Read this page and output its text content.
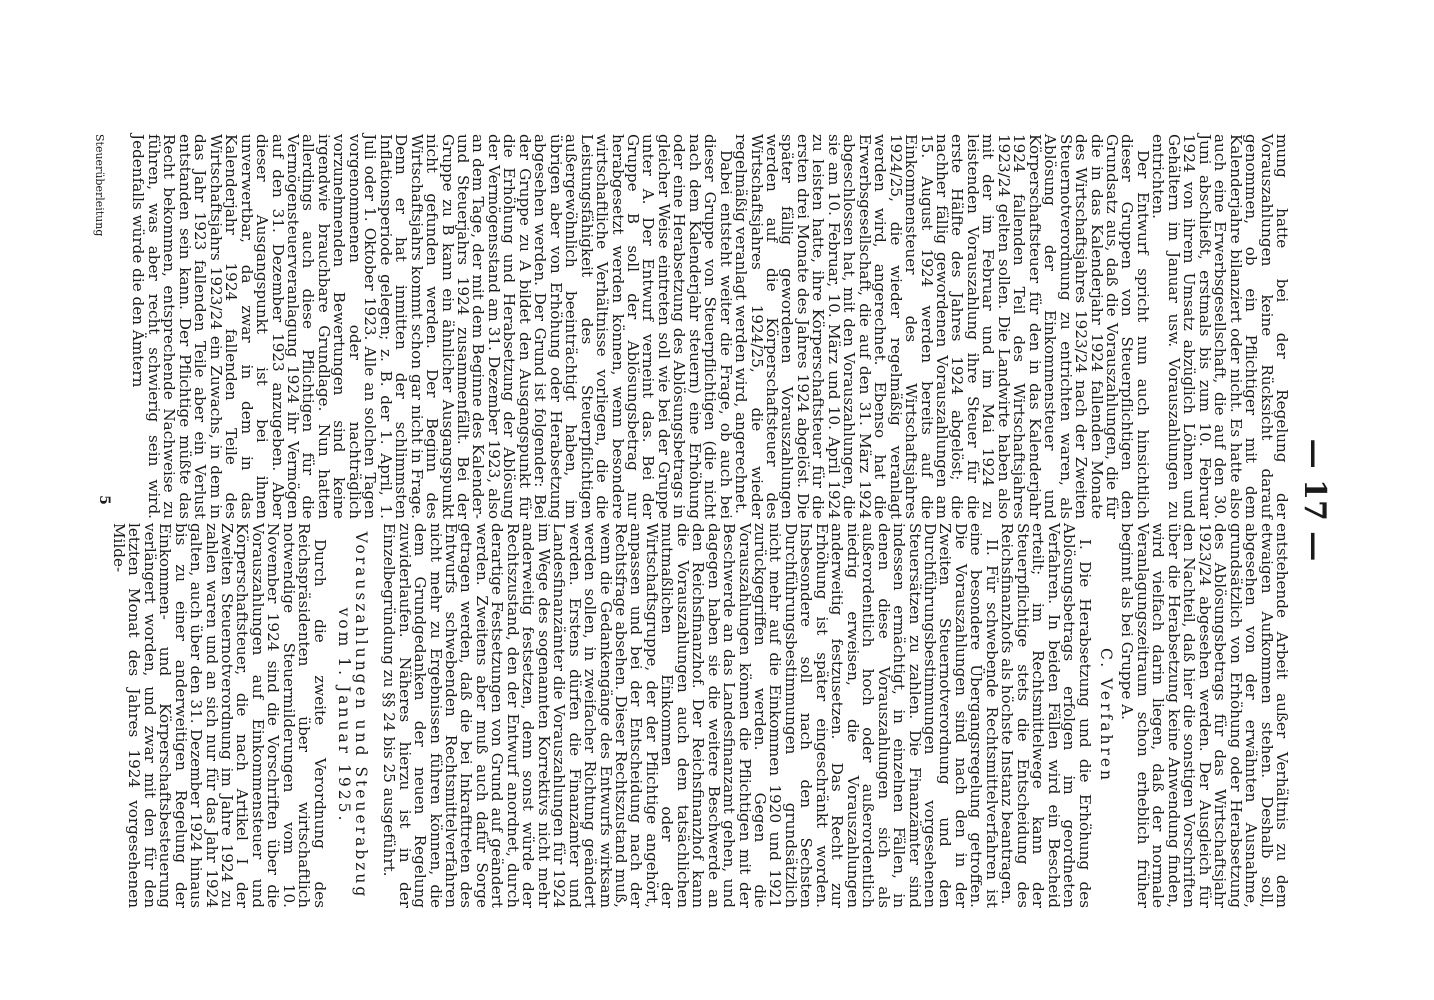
— 17 —

mung hatte bei der Regelung der Vorauszahlungen keine Rücksicht darauf genommen, ob ein Pflichtiger mit dem Kalenderjahre bilanziert oder nicht. Es hatte also auch eine Erwerbsgesellschaft, die auf den 30. Juni abschließt, erstmals bis zum 10. Februar 1924 von ihrem Umsatz abzüglich Löhnen und Gehältern im Januar usw. Vorauszahlungen zu entrichten.

Der Entwurf spricht nun auch hinsichtlich dieser Gruppen von Steuerpflichtigen den Grundsatz aus, daß die Vorauszahlungen, die für die in das Kalenderjahr 1924 fallenden Monate des Wirtschaftsjahres 1923/24 nach der Zweiten Steuernotverordnung zu entrichten waren, als Ablösung der Einkommensteuer und Körperschaftsteuer für den in das Kalenderjahr 1924 fallenden Teil des Wirtschaftsjahres 1923/24 gelten sollen. Die Landwirte haben also mit der im Februar und im Mai 1924 zu leistenden Vorauszahlung ihre Steuer für die erste Hälfte des Jahres 1924 abgelöst; die nachher fällig gewordenen Vorauszahlungen am 15. August 1924 werden bereits auf die Einkommensteuer des Wirtschaftsjahres 1924/25, die wieder regelmäßig veranlagt werden wird, angerechnet. Ebenso hat die Erwerbsgesellschaft, die auf den 31. März 1924 abgeschlossen hat, mit den Vorauszahlungen, die sie am 10. Februar, 10. März und 10. April 1924 zu leisten hatte, ihre Körperschaftsteuer für die ersten drei Monate des Jahres 1924 abgelöst. Die später fällig gewordenen Vorauszahlungen werden auf die Körperschaftsteuer des Wirtschaftsjahres 1924/25, die wieder regelmäßig veranlagt werden wird, angerechnet.

Dabei entsteht weiter die Frage, ob auch bei dieser Gruppe von Steuerpflichtigen (die nicht nach dem Kalenderjahr steuern) eine Erhöhung oder eine Herabsetzung des Ablösungsbetrags in gleicher Weise eintreten soll wie bei der Gruppe unter A. Der Entwurf verneint das. Bei der Gruppe B soll der Ablösungsbetrag nur herabgesetzt werden können, wenn besondere wirtschaftliche Verhältnisse vorliegen, die die Leistungsfähigkeit des Steuerpflichtigen außergewöhnlich beeinträchtigt haben, im übrigen aber von Erhöhung oder Herabsetzung abgesehen werden. Der Grund ist folgender: Bei der Gruppe zu A bildet den Ausgangspunkt für die Erhöhung und Herabsetzung der Ablösung der Vermögensstand am 31. Dezember 1923, also an dem Tage, der mit dem Beginne des Kalender- und Steuerjahrs 1924 zusammenfällt. Bei der Gruppe zu B kann ein ähnlicher Ausgangspunkt nicht gefunden werden. Der Beginn des Wirtschaftsjahrs kommt schon gar nicht in Frage. Denn er hat inmitten der schlimmsten Inflationsperiode gelegen; z. B. der 1. April, 1. Juli oder 1. Oktober 1923. Alle an solchen Tagen vorgenommenen oder nachträglich vorzunehmenden Bewertungen sind keine irgendwie brauchbare Grundlage. Nun hatten allerdings auch diese Pflichtigen für die Vermögensteuerveranlagung 1924 ihr Vermögen auf den 31. Dezember 1923 anzugeben. Aber dieser Ausgangspunkt ist bei ihnen unverwertbar, da zwar in dem in das Kalenderjahr 1924 fallenden Teile des Wirtschaftsjahrs 1923/24 ein Zuwachs, in dem in das Jahr 1923 fallenden Teile aber ein Verlust entstanden sein kann. Der Pflichtige müßte das Recht bekommen, entsprechende Nachweise zu führen, was aber recht schwierig sein wird. Jedenfalls würde die den Ämtern

entstehende Arbeit außer Verhältnis zu dem etwaigen Aufkommen stehen. Deshalb soll, abgesehen von der erwähnten Ausnahme, grundsätzlich von Erhöhung oder Herabsetzung des Ablösungsbetrags für das Wirtschaftsjahr 1923/24 abgesehen werden. Der Ausgleich für den Nachteil, daß hier die sonstigen Vorschriften über die Herabsetzung keine Anwendung finden, wird vielfach darin liegen, daß der normale Veranlagungszeitraum schon erheblich früher beginnt als bei Gruppe A.

C. Verfahren

I. Die Herabsetzung und die Erhöhung des Ablösungsbetrags erfolgen im geordneten Verfahren. In beiden Fällen wird ein Bescheid erteilt; im Rechtsmittelwege kann der Steuerpflichtige stets die Entscheidung des Reichsfinanzhofs als höchste Instanz beantragen.

II. Für schwebende Rechtsmittelverfahren ist eine besondere Übergangsregelung getroffen. Die Vorauszahlungen sind nach den in der Zweiten Steuernotverordnung und den Durchführungsbestimmungen vorgesehenen Steuersätzen zu zahlen. Die Finanzämter sind indessen ermächtigt, in einzelnen Fällen, in denen diese Vorauszahlungen sich als außerordentlich hoch oder außerordentlich niedrig erweisen, die Vorauszahlungen anderweitig festzusetzen. Das Recht zur Erhöhung ist später eingeschränkt worden. Insbesondere soll nach den Sechsten Durchführungsbestimmungen grundsätzlich nicht mehr auf die Einkommen 1920 und 1921 zurückgegriffen werden. Gegen die Vorauszahlungen können die Pflichtigen mit der Beschwerde an das Landesfinanzamt gehen, und dagegen haben sie die weitere Beschwerde an den Reichsfinanzhof. Der Reichsfinanzhof kann die Vorauszahlungen auch dem tatsächlichen mutmaßlichen Einkommen oder der Wirtschaftsgruppe, der der Pflichtige angehört, anpassen und bei der Entscheidung nach der Rechtsfrage absehen. Dieser Rechtszustand muß, wenn die Gedankengänge des Entwurfs wirksam werden sollen, in zweifacher Richtung geändert werden. Erstens dürfen die Finanzämter und Landesfinanzämter die Vorauszahlungen für 1924 im Wege des sogenannten Korrektivs nicht mehr anderweitig festsetzen, denn sonst würde der Rechtszustand, den der Entwurf anordnet, durch derartige Festsetzungen von Grund auf geändert werden. Zweitens aber muß auch dafür Sorge getragen werden, daß die bei Inkrafttreten des Entwurfs schwebenden Rechtsmittelverfahren nicht mehr zu Ergebnissen führen können, die dem Grundgedanken der neuen Regelung zuwiderlaufen. Näheres hierzu ist in der Einzelbegründung zu §§ 24 bis 25 ausgeführt.

Vorauszahlungen und Steuerabzug
vom 1. Januar 1925.

Durch die zweite Verordnung des Reichspräsidenten über wirtschaftlich notwendige Steuermilderungen vom 10. November 1924 sind die Vorschriften über die Vorauszahlungen auf Einkommensteuer und Körperschaftsteuer, die nach Artikel I der Zweiten Steuernotverordnung im Jahre 1924 zu zahlen waren und an sich nur für das Jahr 1924 galten, auch über den 31. Dezember 1924 hinaus bis zu einer anderweitigen Regelung der Einkommen- und Körperschaftsbesteuerung verlängert worden, und zwar mit den für den letzten Monat des Jahres 1924 vorgesehenen Milde-

Steuerüberleitung
5
